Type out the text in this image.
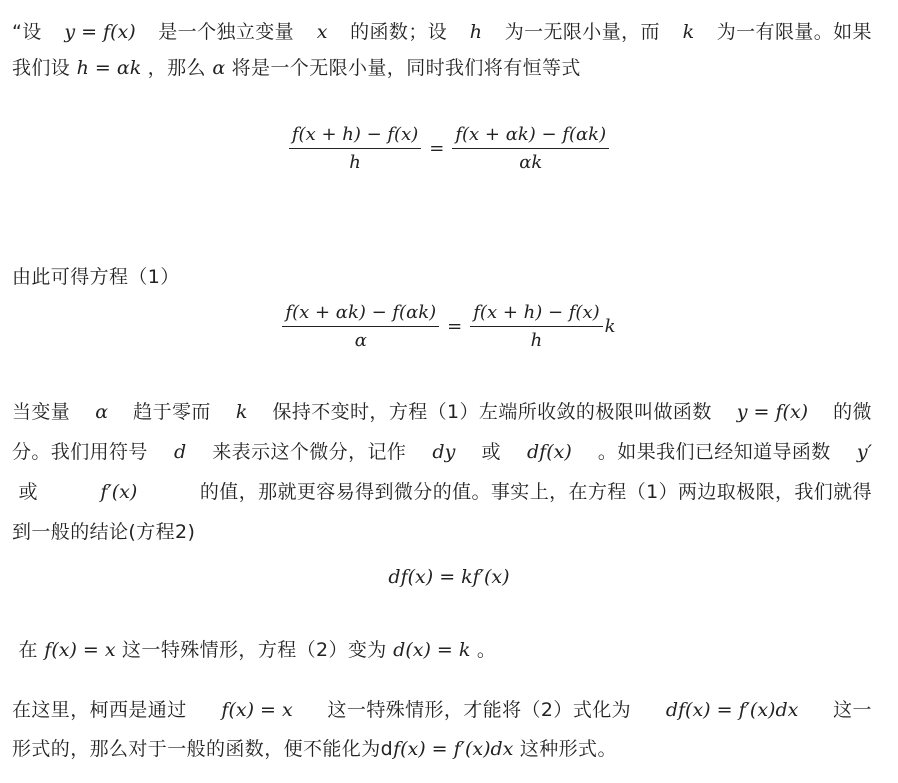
“设 y = f(x) 是一个独立变量 x 的函数；设 h 为一无限小量，而 k 为一有限量。如果
我们设 h = αk ，那么 α 将是一个无限小量，同时我们将有恒等式
$\frac{f(x + h) - f(x)}{h} = \frac{f(x + \alpha k) - f(\alpha k)}{\alpha k}$
由此可得方程（1）
$\frac{f(x + \alpha k) - f(\alpha k)}{\alpha} = \frac{f(x + h) - f(x)}{h}$ k
当变量 α 趋于零而 k 保持不变时，方程（1）左端所收敛的极限叫做函数 y = f(x) 的微
分。我们用符号 d 来表示这个微分，记作 dy 或 df(x) 。如果我们已经知道导函数 y′
或	f′(x)	的值，那就更容易得到微分的值。事实上，在方程（1）两边取极限，我们就得
到一般的结论(方程2)
df(x) = kf′(x)
在 f(x) = x 这一特殊情形，方程（2）变为 d(x) = k 。
在这里，柯西是通过 f(x) = x 这一特殊情形，才能将（2）式化为 df(x) = f′(x)dx 这一
形式的，那么对于一般的函数，便不能化为df(x) = f′(x)dx 这种形式。
